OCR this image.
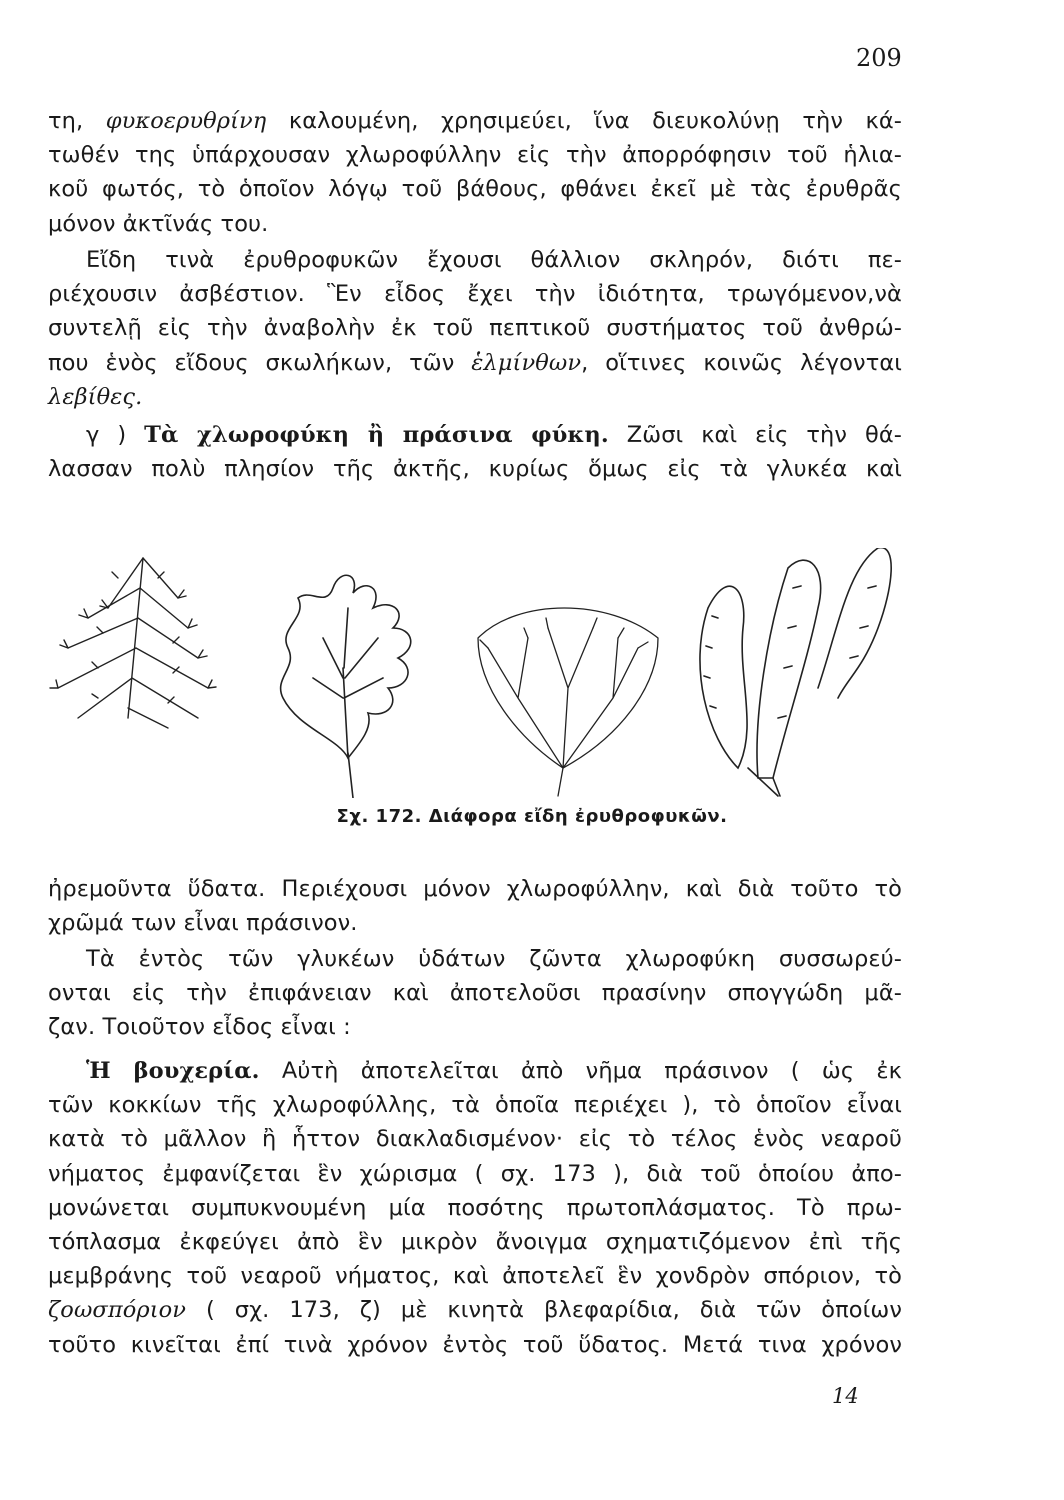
209
τη, φυκοερυθρίνη καλουμένη, χρησιμεύει, ἵνα διευκολύνῃ τὴν κά-
τωθέν της ὑπάρχουσαν χλωροφύλλην εἰς τὴν ἀπορρόφησιν τοῦ ἡλια-
κοῦ φωτός, τὸ ὁποῖον λόγῳ τοῦ βάθους, φθάνει ἐκεῖ μὲ τὰς ἐρυθρᾶς
μόνον ἀκτῖνάς του.
Εἴδη τινὰ ἐρυθροφυκῶν ἔχουσι θάλλιον σκληρόν, διότι πε-
ριέχουσιν ἀσβέστιον. Ἓν εἶδος ἔχει τὴν ἰδιότητα, τρωγόμενον,νὰ
συντελῇ εἰς τὴν ἀναβολὴν ἐκ τοῦ πεπτικοῦ συστήματος τοῦ ἀνθρώ-
που ἑνὸς εἴδους σκωλήκων, τῶν ἑλμίνθων, οἵτινες κοινῶς λέγονται
λεβίθες.
γ ) Τὰ χλωροφύκη ἢ πράσινα φύκη. Ζῶσι καὶ εἰς τὴν θά-
λασσαν πολὺ πλησίον τῆς ἀκτῆς, κυρίως ὅμως εἰς τὰ γλυκέα καὶ
Σχ. 172. Διάφορα εἴδη ἐρυθροφυκῶν.
ἠρεμοῦντα ὕδατα. Περιέχουσι μόνον χλωροφύλλην, καὶ διὰ τοῦτο τὸ
χρῶμά των εἶναι πράσινον.
Τὰ ἐντὸς τῶν γλυκέων ὑδάτων ζῶντα χλωροφύκη συσσωρεύ-
ονται εἰς τὴν ἐπιφάνειαν καὶ ἀποτελοῦσι πρασίνην σπογγώδη μᾶ-
ζαν. Τοιοῦτον εἶδος εἶναι :
Ἡ βουχερία. Αὐτὴ ἀποτελεῖται ἀπὸ νῆμα πράσινον ( ὡς ἐκ
τῶν κοκκίων τῆς χλωροφύλλης, τὰ ὁποῖα περιέχει ), τὸ ὁποῖον εἶναι
κατὰ τὸ μᾶλλον ἢ ἧττον διακλαδισμένον· εἰς τὸ τέλος ἑνὸς νεαροῦ
νήματος ἐμφανίζεται ἓν χώρισμα ( σχ. 173 ), διὰ τοῦ ὁποίου ἀπο-
μονώνεται συμπυκνουμένη μία ποσότης πρωτοπλάσματος. Τὸ πρω-
τόπλασμα ἐκφεύγει ἀπὸ ἓν μικρὸν ἄνοιγμα σχηματιζόμενον ἐπὶ τῆς
μεμβράνης τοῦ νεαροῦ νήματος, καὶ ἀποτελεῖ ἓν χονδρὸν σπόριον, τὸ
ζοωσπόριον ( σχ. 173, ζ) μὲ κινητὰ βλεφαρίδια, διὰ τῶν ὁποίων
τοῦτο κινεῖται ἐπί τινὰ χρόνον ἐντὸς τοῦ ὕδατος. Μετά τινα χρόνον
14
